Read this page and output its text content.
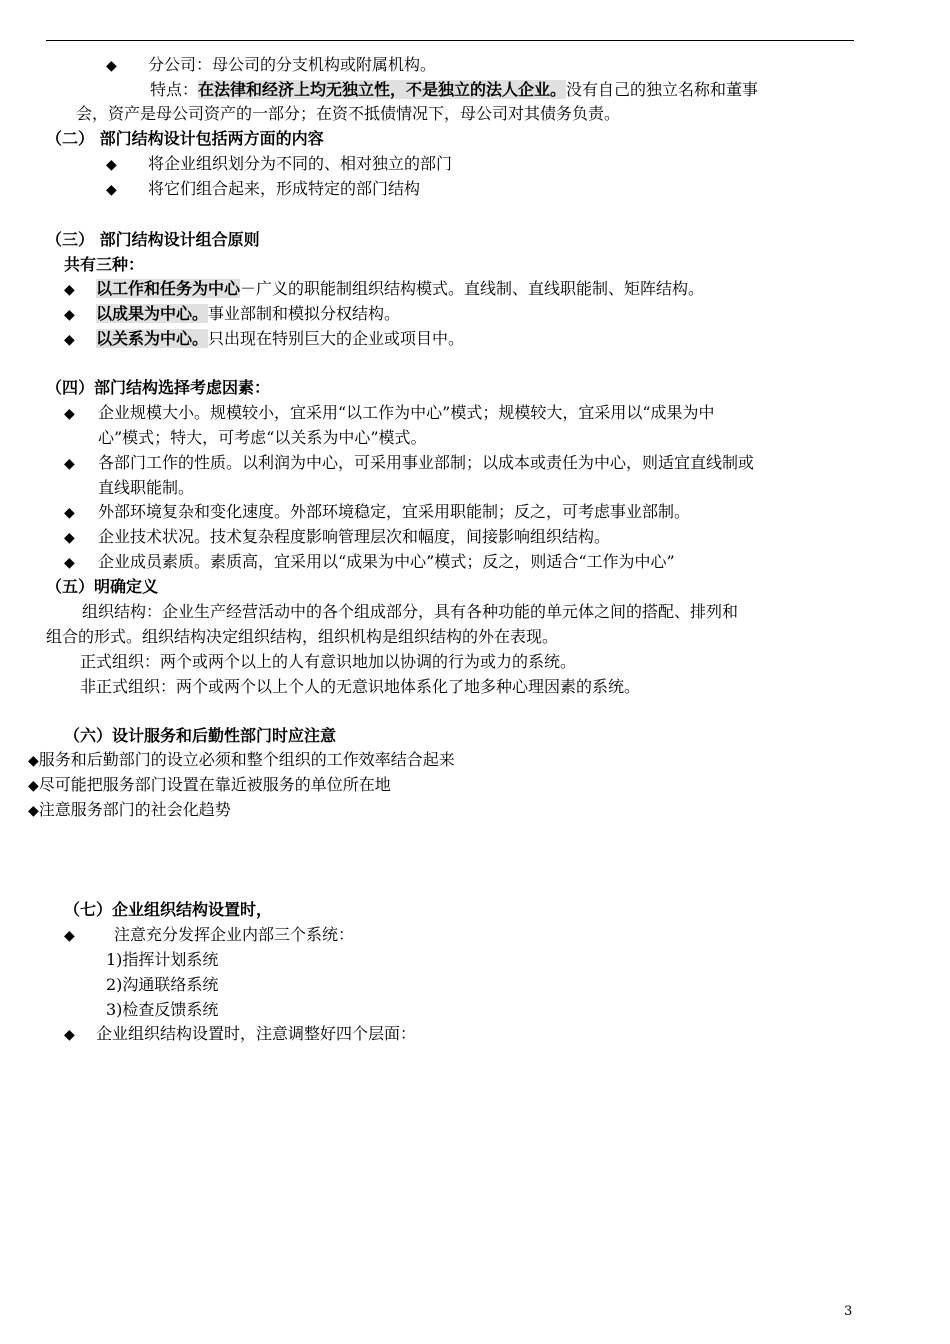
◆ 分公司：母公司的分支机构或附属机构。
特点：在法律和经济上均无独立性，不是独立的法人企业。没有自己的独立名称和董事
会，资产是母公司资产的一部分；在资不抵债情况下，母公司对其债务负责。
（二） 部门结构设计包括两方面的内容
◆ 将企业组织划分为不同的、相对独立的部门
◆ 将它们组合起来，形成特定的部门结构
（三） 部门结构设计组合原则
共有三种：
◆ 以工作和任务为中心－广义的职能制组织结构模式。直线制、直线职能制、矩阵结构。
◆ 以成果为中心。事业部制和模拟分权结构。
◆ 以关系为中心。只出现在特别巨大的企业或项目中。
（四）部门结构选择考虑因素：
◆ 企业规模大小。规模较小，宜采用“以工作为中心”模式；规模较大，宜采用以“成果为中
心”模式；特大，可考虑“以关系为中心”模式。
◆ 各部门工作的性质。以利润为中心，可采用事业部制；以成本或责任为中心，则适宜直线制或
直线职能制。
◆ 外部环境复杂和变化速度。外部环境稳定，宜采用职能制；反之，可考虑事业部制。
◆ 企业技术状况。技术复杂程度影响管理层次和幅度，间接影响组织结构。
◆ 企业成员素质。素质高，宜采用以“成果为中心”模式；反之，则适合“工作为中心”
（五）明确定义
组织结构：企业生产经营活动中的各个组成部分，具有各种功能的单元体之间的搭配、排列和
组合的形式。组织结构决定组织结构，组织机构是组织结构的外在表现。
正式组织：两个或两个以上的人有意识地加以协调的行为或力的系统。
非正式组织：两个或两个以上个人的无意识地体系化了地多种心理因素的系统。
（六）设计服务和后勤性部门时应注意
◆服务和后勤部门的设立必须和整个组织的工作效率结合起来
◆尽可能把服务部门设置在靠近被服务的单位所在地
◆注意服务部门的社会化趋势
（七）企业组织结构设置时，
◆ 注意充分发挥企业内部三个系统：
1)指挥计划系统
2)沟通联络系统
3)检查反馈系统
◆ 企业组织结构设置时，注意调整好四个层面：
3
